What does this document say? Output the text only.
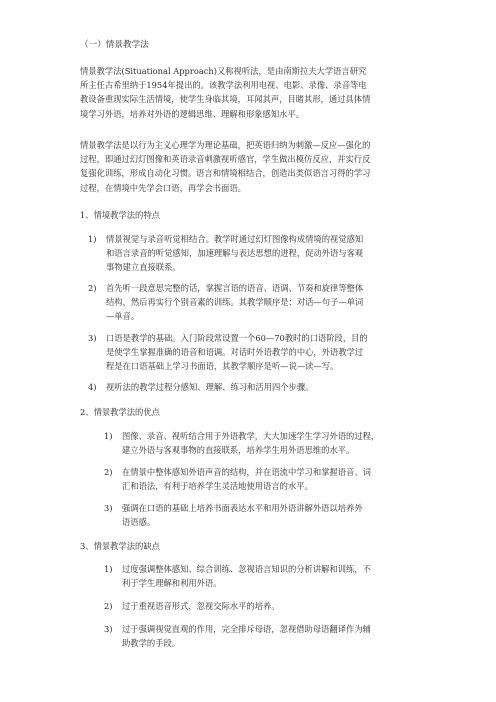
（一）情景教学法
情景教学法(Situational Approach)又称视听法，是由南斯拉夫大学语言研究
所主任古希里纳于1954年提出的。该教学法利用电视、电影、录像、录音等电
教设备重现实际生活情境，使学生身临其境，耳闻其声，目睹其形，通过具体情
境学习外语，培养对外语的逻辑思维、理解和形象感知水平。
情景教学法是以行为主义心理学为理论基础，把英语归纳为刺激—反应—强化的
过程，即通过幻灯图像和英语录音刺激视听感官，学生做出模仿反应，并实行反
复强化训练，形成自动化习惯。语言和情境相结合，创造出类似语言习得的学习
过程，在情境中先学会口语，再学会书面语。
1、情境教学法的特点
1) 情景视觉与录音听觉相结合。教学时通过幻灯图像构成情境的视觉感知
和语言录音的听觉感知，加速理解与表达思想的进程，促动外语与客观
事物建立直接联系。
2) 首先听一段意思完整的话，掌握言语的语音、语调、节奏和旋律等整体
结构，然后再实行个别音素的训练。其教学顺序是：对话—句子—单词
—单音。
3) 口语是教学的基础。入门阶段常设置一个60—70教时的口语阶段，目的
是使学生掌握准确的语音和语调。对话时外语教学的中心，外语教学过
程是在口语基础上学习书面语，其教学顺序是听—说—读—写。
4) 视听法的教学过程分感知、理解、练习和活用四个步骤。
2、情景教学法的优点
1) 图像、录音、视听结合用于外语教学，大大加速学生学习外语的过程，
建立外语与客观事物的直接联系，培养学生用外语思维的水平。
2) 在情景中整体感知外语声音的结构，并在语流中学习和掌握语音、词
汇和语法，有利于培养学生灵活地使用语言的水平。
3) 强调在口语的基础上培养书面表达水平和用外语讲解外语以培养外
语语感。
3、情景教学法的缺点
1) 过度强调整体感知、综合训练、忽视语言知识的分析讲解和训练，不
利于学生理解和利用外语。
2) 过于重视语音形式，忽视交际水平的培养。
3) 过于强调视觉直观的作用，完全排斥母语，忽视借助母语翻译作为辅
助教学的手段。
